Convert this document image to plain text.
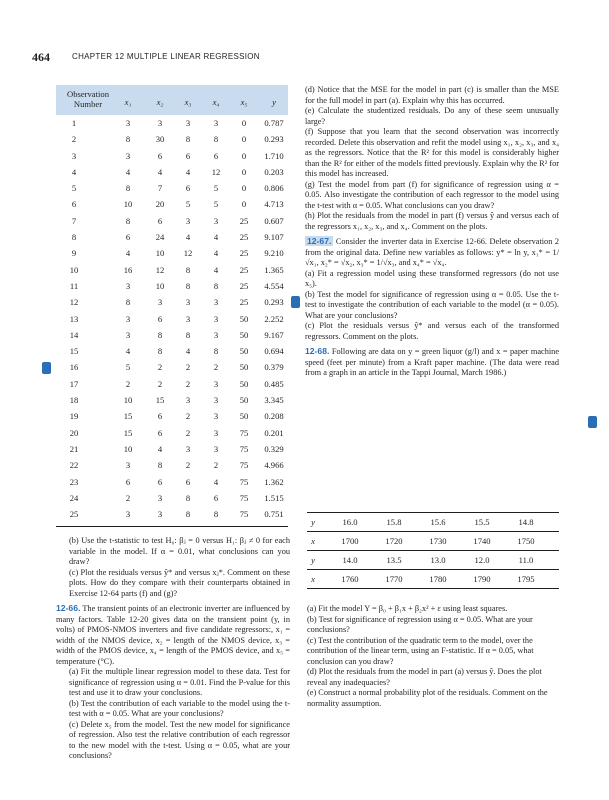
464	CHAPTER 12 MULTIPLE LINEAR REGRESSION
Observation Number	x₁	x₂	x₃	x₄	x₅	y
1	3	3	3	3	0	0.787
2	8	30	8	8	0	0.293
3	3	6	6	6	0	1.710
4	4	4	4	12	0	0.203
5	8	7	6	5	0	0.806
6	10	20	5	5	0	4.713
7	8	6	3	3	25	0.607
8	6	24	4	4	25	9.107
9	4	10	12	4	25	9.210
10	16	12	8	4	25	1.365
11	3	10	8	8	25	4.554
12	8	3	3	3	25	0.293
13	3	6	3	3	50	2.252
14	3	8	8	3	50	9.167
15	4	8	4	8	50	0.694
16	5	2	2	2	50	0.379
17	2	2	2	3	50	0.485
18	10	15	3	3	50	3.345
19	15	6	2	3	50	0.208
20	15	6	2	3	75	0.201
21	10	4	3	3	75	0.329
22	3	8	2	2	75	4.966
23	6	6	6	4	75	1.362
24	2	3	8	6	75	1.515
25	3	3	8	8	75	0.751

(b) Use the t-statistic to test H₀: βⱼ = 0 versus H₁: βⱼ ≠ 0 for each variable in the model. If α = 0.01, what conclusions can you draw?

(c) Plot the residuals versus ŷ* and versus xⱼ*. Comment on these plots. How do they compare with their counterparts obtained in Exercise 12-64 parts (f) and (g)?

12-66. The transient points of an electronic inverter are influenced by many factors. Table 12-20 gives data on the transient point (y, in volts) of PMOS-NMOS inverters and five candidate regressors:, x₁ = width of the NMOS device, x₂ = length of the NMOS device, x₃ = width of the PMOS device, x₄ = length of the PMOS device, and x₅ = temperature (°C).

(a) Fit the multiple linear regression model to these data. Test for significance of regression using α = 0.01. Find the P-value for this test and use it to draw your conclusions.

(b) Test the contribution of each variable to the model using the t-test with α = 0.05. What are your conclusions?

(c) Delete x₅ from the model. Test the new model for significance of regression. Also test the relative contribution of each regressor to the new model with the t-test. Using α = 0.05, what are your conclusions?

(d) Notice that the MSE for the model in part (c) is smaller than the MSE for the full model in part (a). Explain why this has occurred.

(e) Calculate the studentized residuals. Do any of these seem unusually large?

(f) Suppose that you learn that the second observation was incorrectly recorded. Delete this observation and refit the model using x₁, x₂, x₃, and x₄ as the regressors. Notice that the R² for this model is considerably higher than the R² for either of the models fitted previously. Explain why the R² for this model has increased.

(g) Test the model from part (f) for significance of regression using α = 0.05. Also investigate the contribution of each regressor to the model using the t-test with α = 0.05. What conclusions can you draw?

(h) Plot the residuals from the model in part (f) versus ŷ and versus each of the regressors x₁, x₂, x₃, and x₄. Comment on the plots.

12-67. Consider the inverter data in Exercise 12-66. Delete observation 2 from the original data. Define new variables as follows: y* = ln y, x₁* = 1/√x₁, x₂* = √x₂, x₃* = 1/√x₃, and x₄* = √x₄.

(a) Fit a regression model using these transformed regressors (do not use x₅).

(b) Test the model for significance of regression using α = 0.05. Use the t-test to investigate the contribution of each variable to the model (α = 0.05). What are your conclusions?

(c) Plot the residuals versus ŷ* and versus each of the transformed regressors. Comment on the plots.

12-68. Following are data on y = green liquor (g/l) and x = paper machine speed (feet per minute) from a Kraft paper machine. (The data were read from a graph in an article in the Tappi Journal, March 1986.)

y	16.0	15.8	15.6	15.5	14.8
x	1700	1720	1730	1740	1750
y	14.0	13.5	13.0	12.0	11.0
x	1760	1770	1780	1790	1795

(a) Fit the model Y = β₀ + β₁x + β₂x² + ε using least squares.

(b) Test for significance of regression using α = 0.05. What are your conclusions?

(c) Test the contribution of the quadratic term to the model, over the contribution of the linear term, using an F-statistic. If α = 0.05, what conclusion can you draw?

(d) Plot the residuals from the model in part (a) versus ŷ. Does the plot reveal any inadequacies?

(e) Construct a normal probability plot of the residuals. Comment on the normality assumption.
